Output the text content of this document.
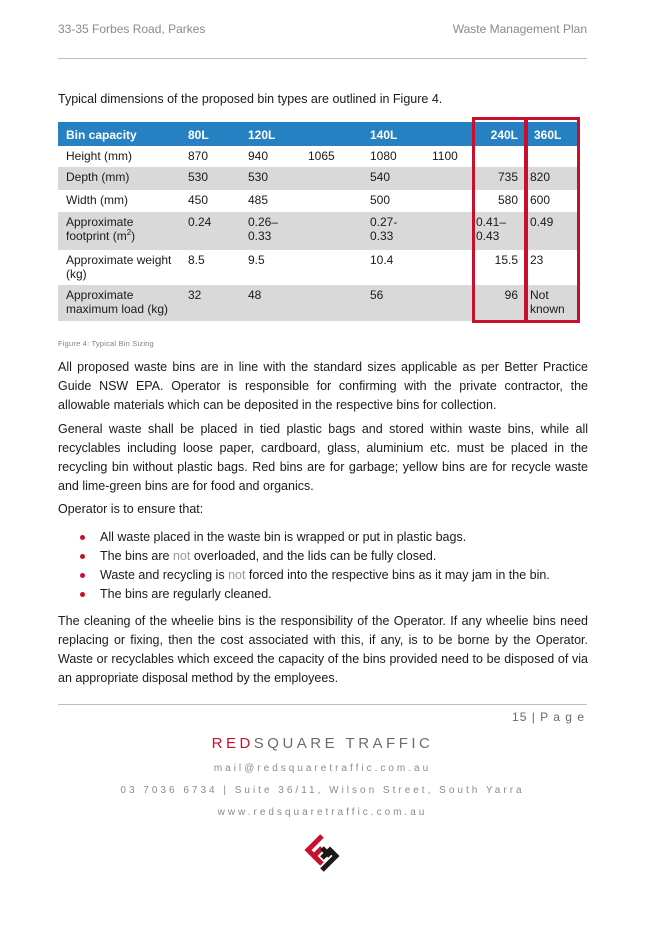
33-35 Forbes Road, Parkes	Waste Management Plan
Typical dimensions of the proposed bin types are outlined in Figure 4.
Bin capacity	80L	120L		140L		240L	360L
Height (mm)	870	940	1065	1080	1100		
Depth (mm)	530	530		540		735	820
Width (mm)	450	485		500		580	600
Approximate footprint $(m^2)$	0.24	0.26–0.33		0.27-0.33		0.41–0.43	0.49
Approximate weight (kg)	8.5	9.5		10.4		15.5	23
Approximate maximum load (kg)	32	48		56		96	Not known
Figure 4: Typical Bin Sizing
All proposed waste bins are in line with the standard sizes applicable as per Better Practice Guide NSW EPA. Operator is responsible for confirming with the private contractor, the allowable materials which can be deposited in the respective bins for collection.
General waste shall be placed in tied plastic bags and stored within waste bins, while all recyclables including loose paper, cardboard, glass, aluminium etc. must be placed in the recycling bin without plastic bags. Red bins are for garbage; yellow bins are for recycle waste and lime-green bins are for food and organics.
Operator is to ensure that:
All waste placed in the waste bin is wrapped or put in plastic bags.
The bins are not overloaded, and the lids can be fully closed.
Waste and recycling is not forced into the respective bins as it may jam in the bin.
The bins are regularly cleaned.
The cleaning of the wheelie bins is the responsibility of the Operator. If any wheelie bins need replacing or fixing, then the cost associated with this, if any, is to be borne by the Operator. Waste or recyclables which exceed the capacity of the bins provided need to be disposed of via an appropriate disposal method by the employees.
15 | P a g e
REDSQUARE TRAFFIC
mail@redsquaretraffic.com.au
03 7036 6734 | Suite 36/11, Wilson Street, South Yarra
www.redsquaretraffic.com.au
